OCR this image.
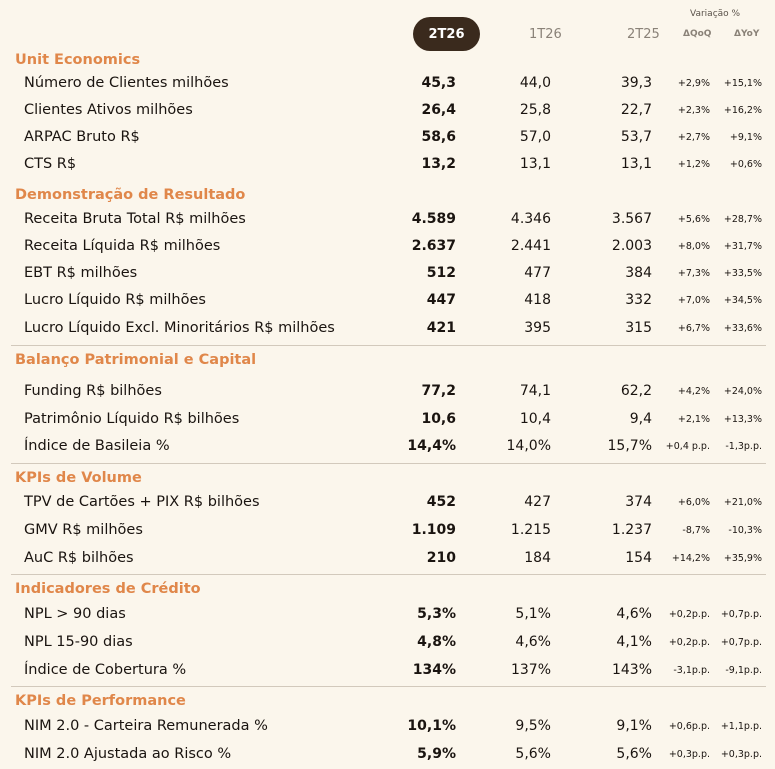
Variação %
2T26	1T26	2T25	ΔQoQ	ΔYoY
Unit Economics
Número de Clientes milhões	45,3	44,0	39,3	+2,9% +15,1%
Clientes Ativos milhões	26,4	25,8	22,7	+2,3% +16,2%
ARPAC Bruto R$	58,6	57,0	53,7	+2,7% +9,1%
CTS R$	13,2	13,1	13,1	+1,2% +0,6%
Demonstração de Resultado
Receita Bruta Total R$ milhões	4.589	4.346	3.567	+5,6% +28,7%
Receita Líquida R$ milhões	2.637	2.441	2.003	+8,0% +31,7%
EBT R$ milhões	512	477	384	+7,3% +33,5%
Lucro Líquido R$ milhões	447	418	332	+7,0% +34,5%
Lucro Líquido Excl. Minoritários R$ milhões	421	395	315	+6,7% +33,6%
Balanço Patrimonial e Capital
Funding R$ bilhões	77,2	74,1	62,2	+4,2% +24,0%
Patrimônio Líquido R$ bilhões	10,6	10,4	9,4	+2,1% +13,3%
Índice de Basileia %	14,4%	14,0%	15,7% +0,4 p.p. -1,3p.p.
KPIs de Volume
TPV de Cartões + PIX R$ bilhões	452	427	374	+6,0% +21,0%
GMV R$ milhões	1.109	1.215	1.237	-8,7% -10,3%
AuC R$ bilhões	210	184	154 +14,2% +35,9%
Indicadores de Crédito
NPL > 90 dias	5,3%	5,1%	4,6% +0,2p.p. +0,7p.p.
NPL 15-90 dias	4,8%	4,6%	4,1% +0,2p.p. +0,7p.p.
Índice de Cobertura %	134%	137%	143% -3,1p.p. -9,1p.p.
KPIs de Performance
NIM 2.0 - Carteira Remunerada %	10,1%	9,5%	9,1% +0,6p.p. +1,1p.p.
NIM 2.0 Ajustada ao Risco %	5,9%	5,6%	5,6% +0,3p.p. +0,3p.p.
